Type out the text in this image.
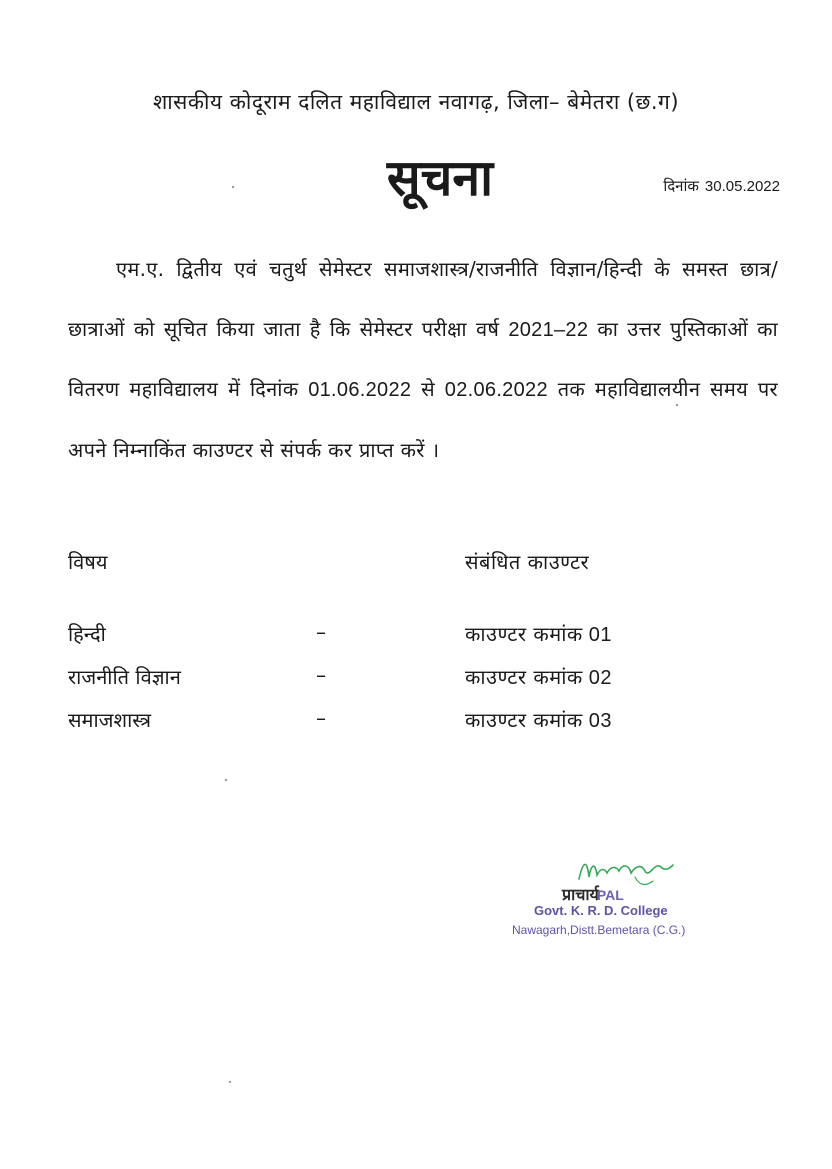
शासकीय कोदूराम दलित महाविद्याल नवागढ़, जिला– बेमेतरा (छ.ग)
सूचना	दिनांक 30.05.2022
एम.ए. द्वितीय एवं चतुर्थ सेमेस्टर समाजशास्त्र/राजनीति विज्ञान/हिन्दी के समस्त छात्र/छात्राओं को सूचित किया जाता है कि सेमेस्टर परीक्षा वर्ष 2021–22 का उत्तर पुस्तिकाओं का वितरण महाविद्यालय में दिनांक 01.06.2022 से 02.06.2022 तक महाविद्यालयीन समय पर अपने निम्नाकिंत काउण्टर से संपर्क कर प्राप्त करें ।
विषय	संबंधित काउण्टर
हिन्दी	–	काउण्टर कमांक 01
राजनीति विज्ञान	–	काउण्टर कमांक 02
समाजशास्त्र	–	काउण्टर कमांक 03
प्राचार्यPAL
Govt. K. R. D. College
Nawagarh,Distt.Bemetara (C.G.)
